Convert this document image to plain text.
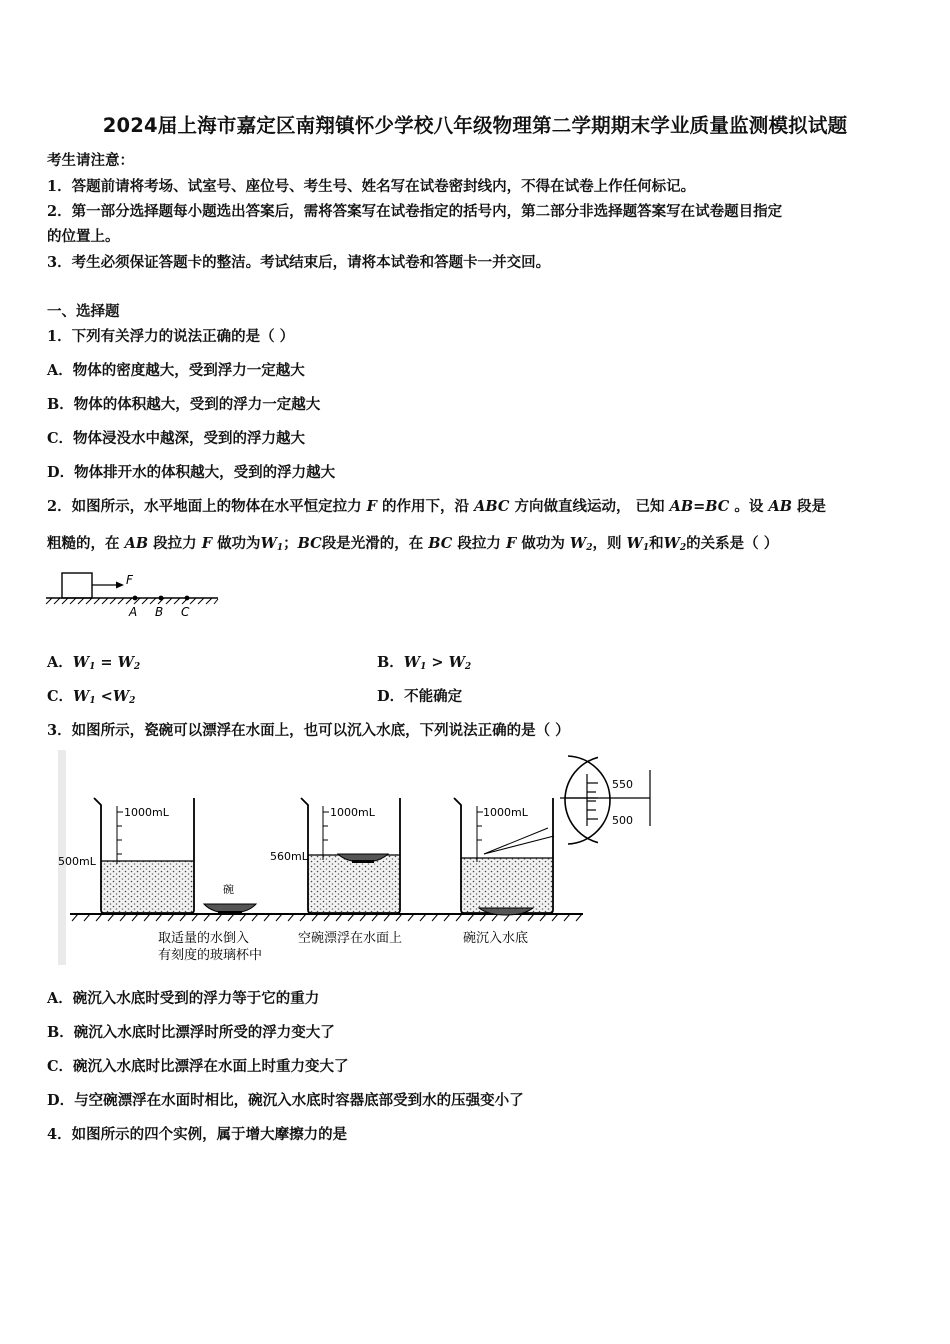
2024届上海市嘉定区南翔镇怀少学校八年级物理第二学期期末学业质量监测模拟试题
考生请注意：
1．答题前请将考场、试室号、座位号、考生号、姓名写在试卷密封线内，不得在试卷上作任何标记。
2．第一部分选择题每小题选出答案后，需将答案写在试卷指定的括号内，第二部分非选择题答案写在试卷题目指定
的位置上。
3．考生必须保证答题卡的整洁。考试结束后，请将本试卷和答题卡一并交回。
一、选择题
1．下列有关浮力的说法正确的是（ ）
A．物体的密度越大，受到浮力一定越大
B．物体的体积越大，受到的浮力一定越大
C．物体浸没水中越深，受到的浮力越大
D．物体排开水的体积越大，受到的浮力越大
2．如图所示，水平地面上的物体在水平恒定拉力 F 的作用下，沿 ABC 方向做直线运动， 已知 AB=BC 。设 AB 段是
粗糙的，在 AB 段拉力 F 做功为$W_1$；BC段是光滑的，在 BC 段拉力 F 做功为 $W_2$，则 $W_1$和$W_2$的关系是（ ）
F
A B C
A．$W_1 = W_2$	B．$W_1 > W_2$
C．$W_1 <W_2$	D．不能确定
3．如图所示，瓷碗可以漂浮在水面上，也可以沉入水底，下列说法正确的是（ ）
1000mL
500mL
碗
1000mL
560mL
1000mL
取适量的水倒入
有刻度的玻璃杯中
空碗漂浮在水面上	碗沉入水底
550
500
A．碗沉入水底时受到的浮力等于它的重力
B．碗沉入水底时比漂浮时所受的浮力变大了
C．碗沉入水底时比漂浮在水面上时重力变大了
D．与空碗漂浮在水面时相比，碗沉入水底时容器底部受到水的压强变小了
4．如图所示的四个实例，属于增大摩擦力的是
